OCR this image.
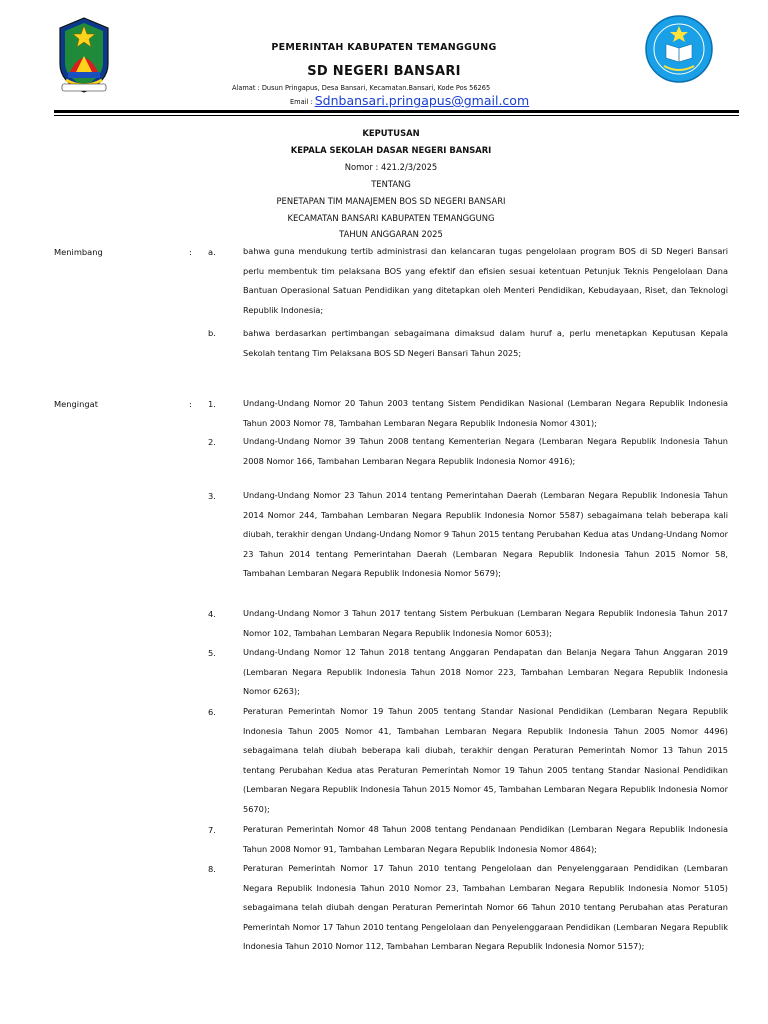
PEMERINTAH KABUPATEN TEMANGGUNG
SD NEGERI BANSARI
Alamat : Dusun Pringapus, Desa Bansari, Kecamatan.Bansari, Kode Pos 56265
Email : Sdnbansari.pringapus@gmail.com
KEPUTUSAN
KEPALA SEKOLAH DASAR NEGERI BANSARI
Nomor : 421.2/3/2025
TENTANG
PENETAPAN TIM MANAJEMEN BOS SD NEGERI BANSARI
KECAMATAN BANSARI KABUPATEN TEMANGGUNG
TAHUN ANGGARAN 2025
Menimbang	: a.	bahwa guna mendukung tertib administrasi dan kelancaran tugas pengelolaan program BOS di SD Negeri Bansari perlu membentuk tim pelaksana BOS yang efektif dan efisien sesuai ketentuan Petunjuk Teknis Pengelolaan Dana Bantuan Operasional Satuan Pendidikan yang ditetapkan oleh Menteri Pendidikan, Kebudayaan, Riset, dan Teknologi Republik Indonesia;
b.	bahwa berdasarkan pertimbangan sebagaimana dimaksud dalam huruf a, perlu menetapkan Keputusan Kepala Sekolah tentang Tim Pelaksana BOS SD Negeri Bansari Tahun 2025;
Mengingat	: 1.	Undang-Undang Nomor 20 Tahun 2003 tentang Sistem Pendidikan Nasional (Lembaran Negara Republik Indonesia Tahun 2003 Nomor 78, Tambahan Lembaran Negara Republik Indonesia Nomor 4301);
2.	Undang-Undang Nomor 39 Tahun 2008 tentang Kementerian Negara (Lembaran Negara Republik Indonesia Tahun 2008 Nomor 166, Tambahan Lembaran Negara Republik Indonesia Nomor 4916);
3.	Undang-Undang Nomor 23 Tahun 2014 tentang Pemerintahan Daerah (Lembaran Negara Republik Indonesia Tahun 2014 Nomor 244, Tambahan Lembaran Negara Republik Indonesia Nomor 5587) sebagaimana telah beberapa kali diubah, terakhir dengan Undang-Undang Nomor 9 Tahun 2015 tentang Perubahan Kedua atas Undang-Undang Nomor 23 Tahun 2014 tentang Pemerintahan Daerah (Lembaran Negara Republik Indonesia Tahun 2015 Nomor 58, Tambahan Lembaran Negara Republik Indonesia Nomor 5679);
4.	Undang-Undang Nomor 3 Tahun 2017 tentang Sistem Perbukuan (Lembaran Negara Republik Indonesia Tahun 2017 Nomor 102, Tambahan Lembaran Negara Republik Indonesia Nomor 6053);
5.	Undang-Undang Nomor 12 Tahun 2018 tentang Anggaran Pendapatan dan Belanja Negara Tahun Anggaran 2019 (Lembaran Negara Republik Indonesia Tahun 2018 Nomor 223, Tambahan Lembaran Negara Republik Indonesia Nomor 6263);
6.	Peraturan Pemerintah Nomor 19 Tahun 2005 tentang Standar Nasional Pendidikan (Lembaran Negara Republik Indonesia Tahun 2005 Nomor 41, Tambahan Lembaran Negara Republik Indonesia Tahun 2005 Nomor 4496) sebagaimana telah diubah beberapa kali diubah, terakhir dengan Peraturan Pemerintah Nomor 13 Tahun 2015 tentang Perubahan Kedua atas Peraturan Pemerintah Nomor 19 Tahun 2005 tentang Standar Nasional Pendidikan (Lembaran Negara Republik Indonesia Tahun 2015 Nomor 45, Tambahan Lembaran Negara Republik Indonesia Nomor 5670);
7.	Peraturan Pemerintah Nomor 48 Tahun 2008 tentang Pendanaan Pendidikan (Lembaran Negara Republik Indonesia Tahun 2008 Nomor 91, Tambahan Lembaran Negara Republik Indonesia Nomor 4864);
8.	Peraturan Pemerintah Nomor 17 Tahun 2010 tentang Pengelolaan dan Penyelenggaraan Pendidikan (Lembaran Negara Republik Indonesia Tahun 2010 Nomor 23, Tambahan Lembaran Negara Republik Indonesia Nomor 5105) sebagaimana telah diubah dengan Peraturan Pemerintah Nomor 66 Tahun 2010 tentang Perubahan atas Peraturan Pemerintah Nomor 17 Tahun 2010 tentang Pengelolaan dan Penyelenggaraan Pendidikan (Lembaran Negara Republik Indonesia Tahun 2010 Nomor 112, Tambahan Lembaran Negara Republik Indonesia Nomor 5157);
